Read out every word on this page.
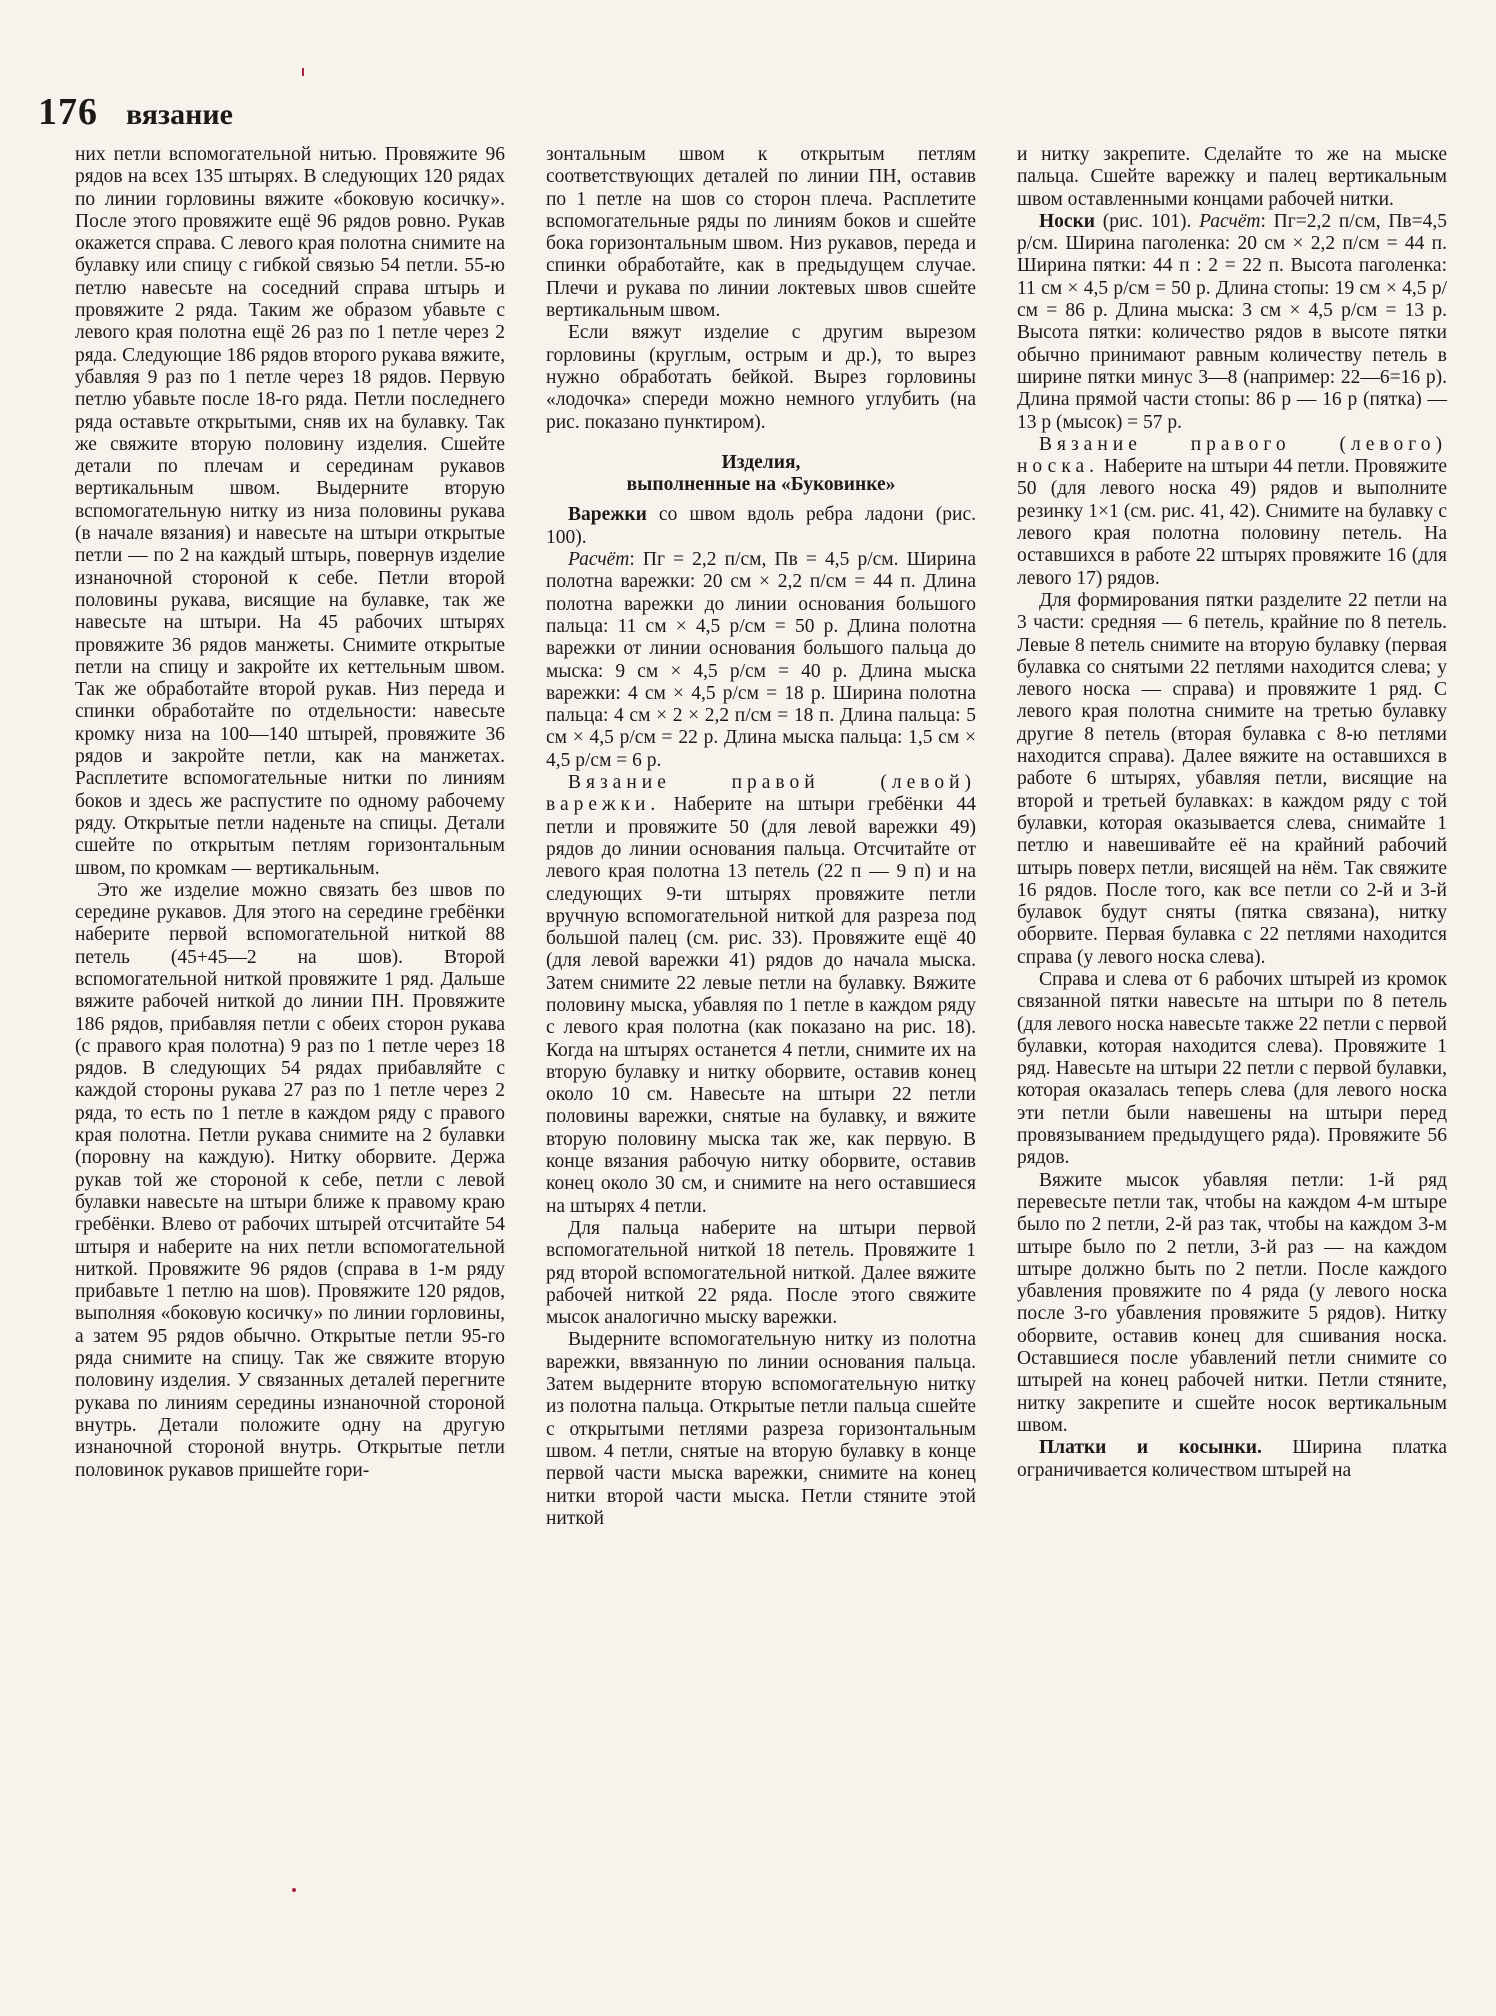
176 вязание

них петли вспомогательной нитью. Провяжите 96 рядов на всех 135 штырях. В следующих 120 рядах по линии горловины вяжите «боковую косичку». После этого провяжите ещё 96 рядов ровно. Рукав окажется справа. С левого края полотна снимите на булавку или спицу с гибкой связью 54 петли. 55-ю петлю навесьте на соседний справа штырь и провяжите 2 ряда. Таким же образом убавьте с левого края полотна ещё 26 раз по 1 петле через 2 ряда. Следующие 186 рядов второго рукава вяжите, убавляя 9 раз по 1 петле через 18 рядов. Первую петлю убавьте после 18-го ряда. Петли последнего ряда оставьте открытыми, сняв их на булавку. Так же свяжите вторую половину изделия. Сшейте детали по плечам и серединам рукавов вертикальным швом. Выдерните вторую вспомогательную нитку из низа половины рукава (в начале вязания) и навесьте на штыри открытые петли — по 2 на каждый штырь, повернув изделие изнаночной стороной к себе. Петли второй половины рукава, висящие на булавке, так же навесьте на штыри. На 45 рабочих штырях провяжите 36 рядов манжеты. Снимите открытые петли на спицу и закройте их кеттельным швом. Так же обработайте второй рукав. Низ переда и спинки обработайте по отдельности: навесьте кромку низа на 100—140 штырей, провяжите 36 рядов и закройте петли, как на манжетах. Расплетите вспомогательные нитки по линиям боков и здесь же распустите по одному рабочему ряду. Открытые петли наденьте на спицы. Детали сшейте по открытым петлям горизонтальным швом, по кромкам — вертикальным.

Это же изделие можно связать без швов по середине рукавов. Для этого на середине гребёнки наберите первой вспомогательной ниткой 88 петель (45+45—2 на шов). Второй вспомогательной ниткой провяжите 1 ряд. Дальше вяжите рабочей ниткой до линии ПН. Провяжите 186 рядов, прибавляя петли с обеих сторон рукава (с правого края полотна) 9 раз по 1 петле через 18 рядов. В следующих 54 рядах прибавляйте с каждой стороны рукава 27 раз по 1 петле через 2 ряда, то есть по 1 петле в каждом ряду с правого края полотна. Петли рукава снимите на 2 булавки (поровну на каждую). Нитку оборвите. Держа рукав той же стороной к себе, петли с левой булавки навесьте на штыри ближе к правому краю гребёнки. Влево от рабочих штырей отсчитайте 54 штыря и наберите на них петли вспомогательной ниткой. Провяжите 96 рядов (справа в 1-м ряду прибавьте 1 петлю на шов). Провяжите 120 рядов, выполняя «боковую косичку» по линии горловины, а затем 95 рядов обычно. Открытые петли 95-го ряда снимите на спицу. Так же свяжите вторую половину изделия. У связанных деталей перегните рукава по линиям середины изнаночной стороной внутрь. Детали положите одну на другую изнаночной стороной внутрь. Открытые петли половинок рукавов пришейте гори-

зонтальным швом к открытым петлям соответствующих деталей по линии ПН, оставив по 1 петле на шов со сторон плеча. Расплетите вспомогательные ряды по линиям боков и сшейте бока горизонтальным швом. Низ рукавов, переда и спинки обработайте, как в предыдущем случае. Плечи и рукава по линии локтевых швов сшейте вертикальным швом.

Если вяжут изделие с другим вырезом горловины (круглым, острым и др.), то вырез нужно обработать бейкой. Вырез горловины «лодочка» спереди можно немного углубить (на рис. показано пунктиром).

Изделия,
выполненные на «Буковинке»

Варежки со швом вдоль ребра ладони (рис. 100).

Расчёт: Пг = 2,2 п/см, Пв = 4,5 р/см. Ширина полотна варежки: 20 см × 2,2 п/см = 44 п. Длина полотна варежки до линии основания большого пальца: 11 см × 4,5 р/см = 50 р. Длина полотна варежки от линии основания большого пальца до мыска: 9 см × 4,5 р/см = 40 р. Длина мыска варежки: 4 см × 4,5 р/см = 18 р. Ширина полотна пальца: 4 см × 2 × 2,2 п/см = 18 п. Длина пальца: 5 см × 4,5 р/см = 22 р. Длина мыска пальца: 1,5 см × 4,5 р/см = 6 р.

Вязание правой (левой) варежки. Наберите на штыри гребёнки 44 петли и провяжите 50 (для левой варежки 49) рядов до линии основания пальца. Отсчитайте от левого края полотна 13 петель (22 п — 9 п) и на следующих 9-ти штырях провяжите петли вручную вспомогательной ниткой для разреза под большой палец (см. рис. 33). Провяжите ещё 40 (для левой варежки 41) рядов до начала мыска. Затем снимите 22 левые петли на булавку. Вяжите половину мыска, убавляя по 1 петле в каждом ряду с левого края полотна (как показано на рис. 18). Когда на штырях останется 4 петли, снимите их на вторую булавку и нитку оборвите, оставив конец около 10 см. Навесьте на штыри 22 петли половины варежки, снятые на булавку, и вяжите вторую половину мыска так же, как первую. В конце вязания рабочую нитку оборвите, оставив конец около 30 см, и снимите на него оставшиеся на штырях 4 петли.

Для пальца наберите на штыри первой вспомогательной ниткой 18 петель. Провяжите 1 ряд второй вспомогательной ниткой. Далее вяжите рабочей ниткой 22 ряда. После этого свяжите мысок аналогично мыску варежки.

Выдерните вспомогательную нитку из полотна варежки, ввязанную по линии основания пальца. Затем выдерните вторую вспомогательную нитку из полотна пальца. Открытые петли пальца сшейте с открытыми петлями разреза горизонтальным швом. 4 петли, снятые на вторую булавку в конце первой части мыска варежки, снимите на конец нитки второй части мыска. Петли стяните этой ниткой

и нитку закрепите. Сделайте то же на мыске пальца. Сшейте варежку и палец вертикальным швом оставленными концами рабочей нитки.

Носки (рис. 101). Расчёт: Пг=2,2 п/см, Пв=4,5 р/см. Ширина паголенка: 20 см × 2,2 п/см = 44 п. Ширина пятки: 44 п : 2 = 22 п. Высота паголенка: 11 см × 4,5 р/см = 50 р. Длина стопы: 19 см × 4,5 р/см = 86 р. Длина мыска: 3 см × 4,5 р/см = 13 р. Высота пятки: количество рядов в высоте пятки обычно принимают равным количеству петель в ширине пятки минус 3—8 (например: 22—6=16 р). Длина прямой части стопы: 86 р — 16 р (пятка) — 13 р (мысок) = 57 р.

Вязание правого (левого) носка. Наберите на штыри 44 петли. Провяжите 50 (для левого носка 49) рядов и выполните резинку 1×1 (см. рис. 41, 42). Снимите на булавку с левого края полотна половину петель. На оставшихся в работе 22 штырях провяжите 16 (для левого 17) рядов.

Для формирования пятки разделите 22 петли на 3 части: средняя — 6 петель, крайние по 8 петель. Левые 8 петель снимите на вторую булавку (первая булавка со снятыми 22 петлями находится слева; у левого носка — справа) и провяжите 1 ряд. С левого края полотна снимите на третью булавку другие 8 петель (вторая булавка с 8-ю петлями находится справа). Далее вяжите на оставшихся в работе 6 штырях, убавляя петли, висящие на второй и третьей булавках: в каждом ряду с той булавки, которая оказывается слева, снимайте 1 петлю и навешивайте её на крайний рабочий штырь поверх петли, висящей на нём. Так свяжите 16 рядов. После того, как все петли со 2-й и 3-й булавок будут сняты (пятка связана), нитку оборвите. Первая булавка с 22 петлями находится справа (у левого носка слева).

Справа и слева от 6 рабочих штырей из кромок связанной пятки навесьте на штыри по 8 петель (для левого носка навесьте также 22 петли с первой булавки, которая находится слева). Провяжите 1 ряд. Навесьте на штыри 22 петли с первой булавки, которая оказалась теперь слева (для левого носка эти петли были навешены на штыри перед провязыванием предыдущего ряда). Провяжите 56 рядов.

Вяжите мысок убавляя петли: 1-й ряд перевесьте петли так, чтобы на каждом 4-м штыре было по 2 петли, 2-й раз так, чтобы на каждом 3-м штыре было по 2 петли, 3-й раз — на каждом штыре должно быть по 2 петли. После каждого убавления провяжите по 4 ряда (у левого носка после 3-го убавления провяжите 5 рядов). Нитку оборвите, оставив конец для сшивания носка. Оставшиеся после убавлений петли снимите со штырей на конец рабочей нитки. Петли стяните, нитку закрепите и сшейте носок вертикальным швом.

Платки и косынки. Ширина платка ограничивается количеством штырей на
